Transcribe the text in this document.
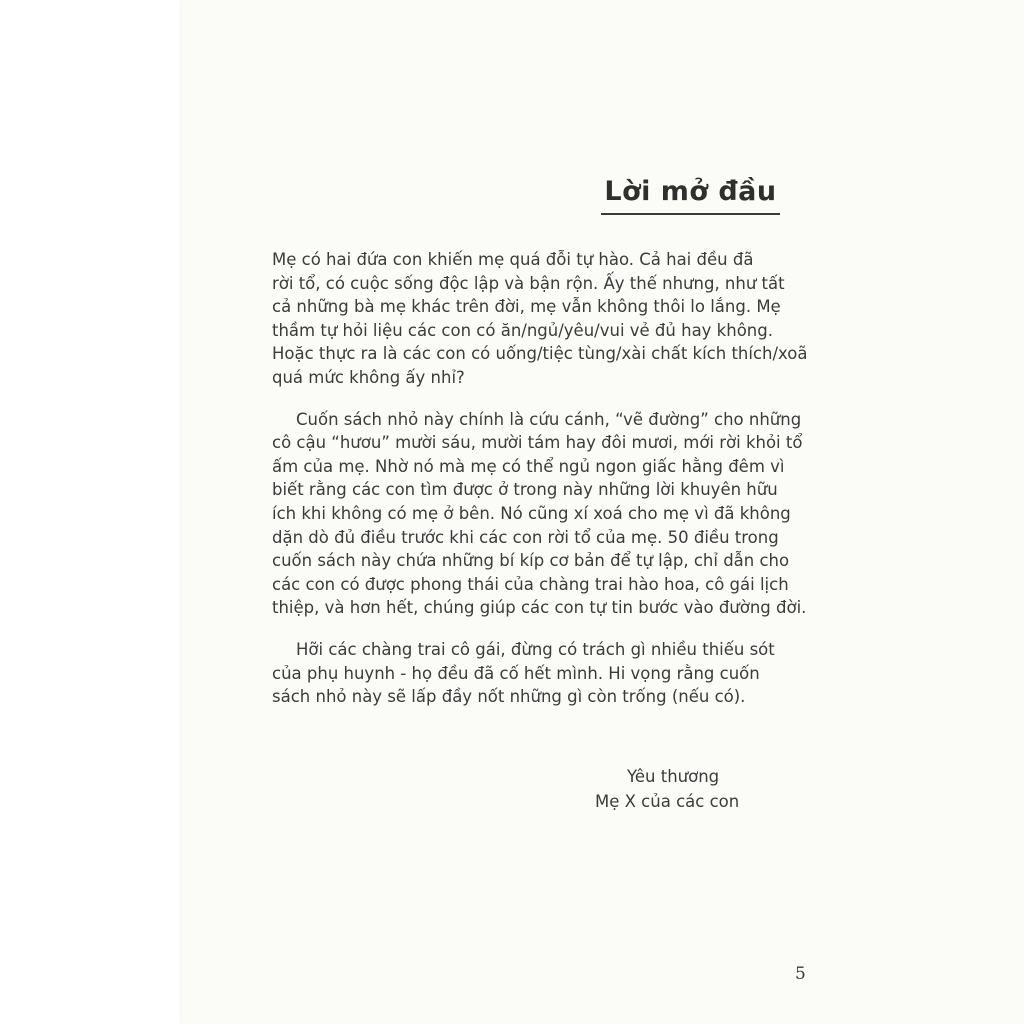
Lời mở đầu

Mẹ có hai đứa con khiến mẹ quá đỗi tự hào. Cả hai đều đã
rời tổ, có cuộc sống độc lập và bận rộn. Ấy thế nhưng, như tất
cả những bà mẹ khác trên đời, mẹ vẫn không thôi lo lắng. Mẹ
thầm tự hỏi liệu các con có ăn/ngủ/yêu/vui vẻ đủ hay không.
Hoặc thực ra là các con có uống/tiệc tùng/xài chất kích thích/xoã
quá mức không ấy nhỉ?

Cuốn sách nhỏ này chính là cứu cánh, “vẽ đường” cho những
cô cậu “hươu” mười sáu, mười tám hay đôi mươi, mới rời khỏi tổ
ấm của mẹ. Nhờ nó mà mẹ có thể ngủ ngon giấc hằng đêm vì
biết rằng các con tìm được ở trong này những lời khuyên hữu
ích khi không có mẹ ở bên. Nó cũng xí xoá cho mẹ vì đã không
dặn dò đủ điều trước khi các con rời tổ của mẹ. 50 điều trong
cuốn sách này chứa những bí kíp cơ bản để tự lập, chỉ dẫn cho
các con có được phong thái của chàng trai hào hoa, cô gái lịch
thiệp, và hơn hết, chúng giúp các con tự tin bước vào đường đời.

Hỡi các chàng trai cô gái, đừng có trách gì nhiều thiếu sót
của phụ huynh - họ đều đã cố hết mình. Hi vọng rằng cuốn
sách nhỏ này sẽ lấp đầy nốt những gì còn trống (nếu có).

Yêu thương
Mẹ X của các con
5
